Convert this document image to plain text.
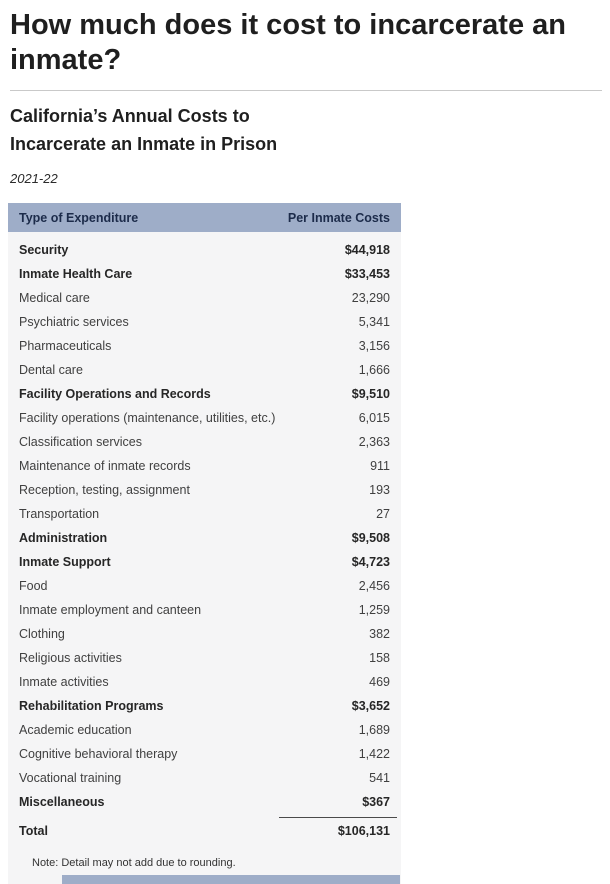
How much does it cost to incarcerate an inmate?
California’s Annual Costs to
Incarcerate an Inmate in Prison
2021-22
Type of Expenditure	Per Inmate Costs
Security	$44,918
Inmate Health Care	$33,453
Medical care	23,290
Psychiatric services	5,341
Pharmaceuticals	3,156
Dental care	1,666
Facility Operations and Records	$9,510
Facility operations (maintenance, utilities, etc.)	6,015
Classification services	2,363
Maintenance of inmate records	911
Reception, testing, assignment	193
Transportation	27
Administration	$9,508
Inmate Support	$4,723
Food	2,456
Inmate employment and canteen	1,259
Clothing	382
Religious activities	158
Inmate activities	469
Rehabilitation Programs	$3,652
Academic education	1,689
Cognitive behavioral therapy	1,422
Vocational training	541
Miscellaneous	$367
Total	$106,131
Note: Detail may not add due to rounding.
